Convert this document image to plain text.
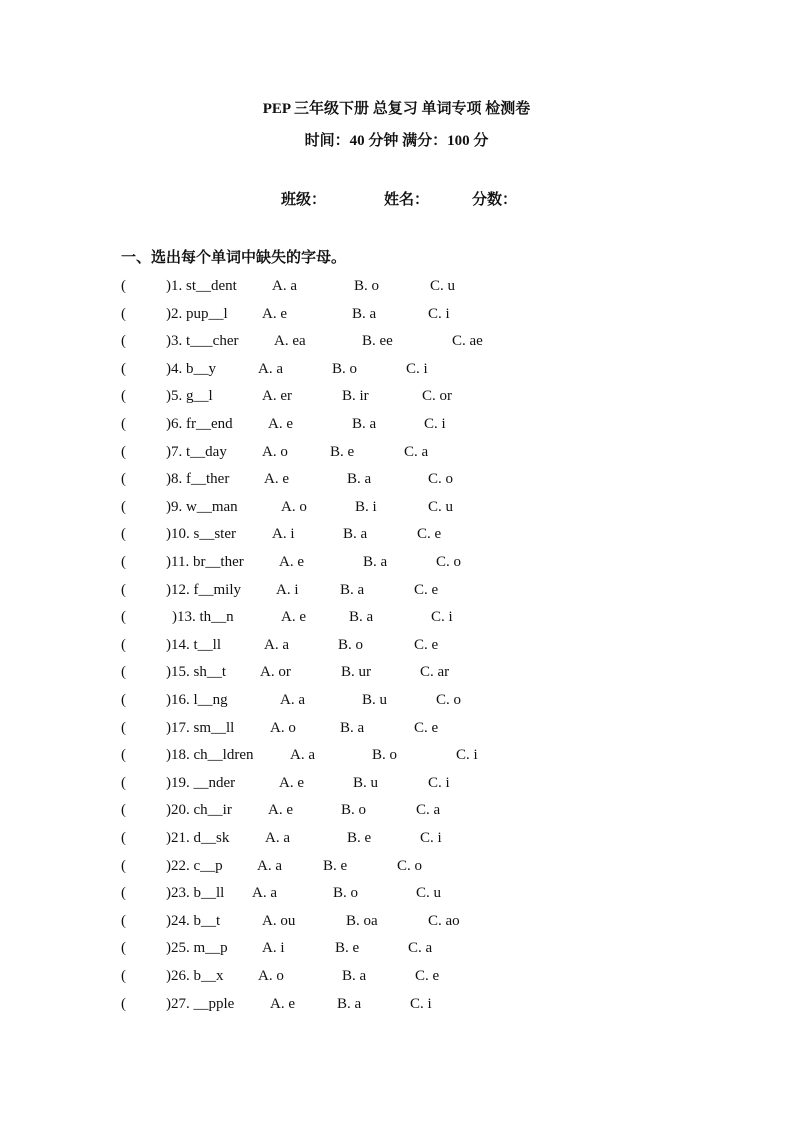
PEP 三年级下册 总复习 单词专项 检测卷
时间：40 分钟 满分：100 分
班级：	姓名：	分数：
一、选出每个单词中缺失的字母。
(	)1. st__dent A. a	B. o	C. u
(	)2. pup__l A. e	B. a	C. i
(	)3. t___cher A. ea	B. ee	C. ae
(	)4. b__y	A. a	B. o	C. i
(	)5. g__l	A. er	B. ir	C. or
(	)6. fr__end A. e	B. a	C. i
(	)7. t__day A. o	B. e	C. a
(	)8. f__ther A. e	B. a	C. o
(	)9. w__man	A. o	B. i	C. u
(	)10. s__ster A. i	B. a	C. e
(	)11. br__ther A. e	B. a	C. o
(	)12. f__mily A. i	B. a	C. e
(	)13. th__n	A. e	B. a	C. i
(	)14. t__ll	A. a	B. o	C. e
(	)15. sh__t A. or	B. ur	C. ar
(	)16. l__ng	A. a	B. u	C. o
(	)17. sm__ll A. o	B. a	C. e
(	)18. ch__ldren A. a	B. o	C. i
(	)19. __nder	A. e	B. u	C. i
(	)20. ch__ir A. e	B. o	C. a
(	)21. d__sk A. a	B. e	C. i
(	)22. c__p A. a	B. e	C. o
(	)23. b__ll A. a	B. o	C. u
(	)24. b__t	A. ou	B. oa	C. ao
(	)25. m__p A. i	B. e	C. a
(	)26. b__x A. o	B. a	C. e
(	)27. __pple A. e	B. a	C. i
